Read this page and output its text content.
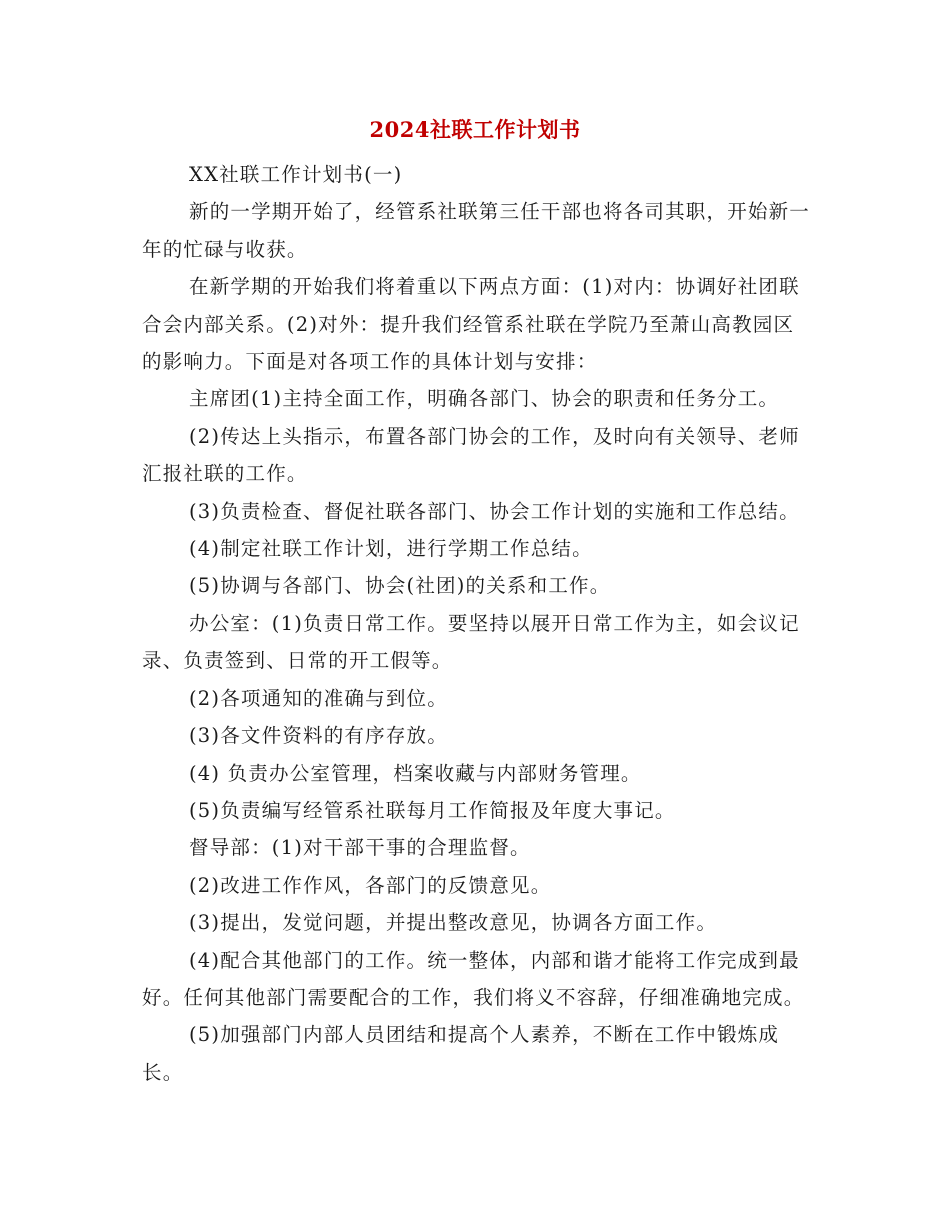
2024社联工作计划书

XX社联工作计划书(一)

新的一学期开始了，经管系社联第三任干部也将各司其职，开始新一年的忙碌与收获。

在新学期的开始我们将着重以下两点方面：(1)对内：协调好社团联合会内部关系。(2)对外：提升我们经管系社联在学院乃至萧山高教园区的影响力。下面是对各项工作的具体计划与安排：

主席团(1)主持全面工作，明确各部门、协会的职责和任务分工。

(2)传达上头指示，布置各部门协会的工作，及时向有关领导、老师汇报社联的工作。

(3)负责检查、督促社联各部门、协会工作计划的实施和工作总结。

(4)制定社联工作计划，进行学期工作总结。

(5)协调与各部门、协会(社团)的关系和工作。

办公室：(1)负责日常工作。要坚持以展开日常工作为主，如会议记录、负责签到、日常的开工假等。

(2)各项通知的准确与到位。

(3)各文件资料的有序存放。

(4) 负责办公室管理，档案收藏与内部财务管理。

(5)负责编写经管系社联每月工作简报及年度大事记。

督导部：(1)对干部干事的合理监督。

(2)改进工作作风，各部门的反馈意见。

(3)提出，发觉问题，并提出整改意见，协调各方面工作。

(4)配合其他部门的工作。统一整体，内部和谐才能将工作完成到最好。任何其他部门需要配合的工作，我们将义不容辞，仔细准确地完成。

(5)加强部门内部人员团结和提高个人素养，不断在工作中锻炼成长。
